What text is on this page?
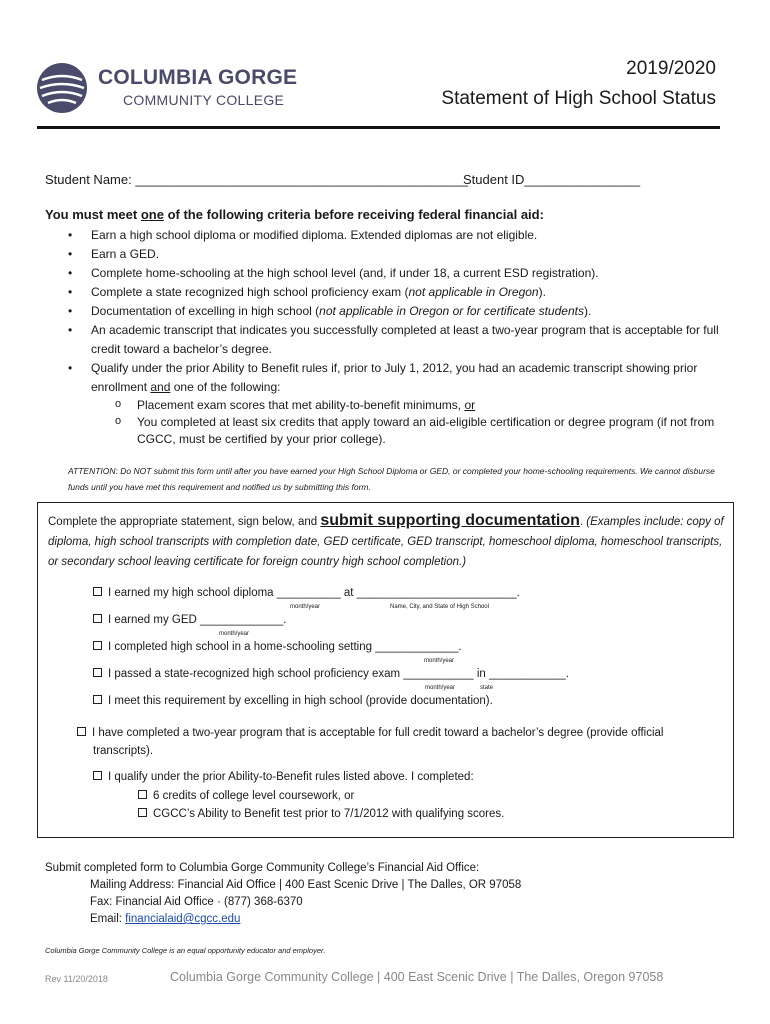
COLUMBIA GORGE
COMMUNITY COLLEGE
2019/2020
Statement of High School Status
Student Name: ______________________________________________
Student ID________________
You must meet one of the following criteria before receiving federal financial aid:
• Earn a high school diploma or modified diploma. Extended diplomas are not eligible.
• Earn a GED.
• Complete home-schooling at the high school level (and, if under 18, a current ESD registration).
• Complete a state recognized high school proficiency exam (not applicable in Oregon).
• Documentation of excelling in high school (not applicable in Oregon or for certificate students).
• An academic transcript that indicates you successfully completed at least a two-year program that is acceptable for full credit toward a bachelor’s degree.
• Qualify under the prior Ability to Benefit rules if, prior to July 1, 2012, you had an academic transcript showing prior enrollment and one of the following:
o Placement exam scores that met ability-to-benefit minimums, or
o You completed at least six credits that apply toward an aid-eligible certification or degree program (if not from CGCC, must be certified by your prior college).
ATTENTION: Do NOT submit this form until after you have earned your High School Diploma or GED, or completed your home-schooling requirements. We cannot disburse funds until you have met this requirement and notified us by submitting this form.
Complete the appropriate statement, sign below, and submit supporting documentation. (Examples include: copy of diploma, high school transcripts with completion date, GED certificate, GED transcript, homeschool diploma, homeschool transcripts, or secondary school leaving certificate for foreign country high school completion.)
I earned my high school diploma __________ at _________________________.
month/year	Name, City, and State of High School
I earned my GED _____________.
month/year
I completed high school in a home-schooling setting _____________.
month/year
I passed a state-recognized high school proficiency exam ___________ in ____________.
month/year	state
I meet this requirement by excelling in high school (provide documentation).
I have completed a two-year program that is acceptable for full credit toward a bachelor’s degree (provide official transcripts).
I qualify under the prior Ability-to-Benefit rules listed above. I completed:
6 credits of college level coursework, or
CGCC’s Ability to Benefit test prior to 7/1/2012 with qualifying scores.
Submit completed form to Columbia Gorge Community College’s Financial Aid Office:
Mailing Address: Financial Aid Office | 400 East Scenic Drive | The Dalles, OR 97058
Fax: Financial Aid Office · (877) 368-6370
Email: financialaid@cgcc.edu
Columbia Gorge Community College is an equal opportunity educator and employer.
Rev 11/20/2018	Columbia Gorge Community College | 400 East Scenic Drive | The Dalles, Oregon 97058
